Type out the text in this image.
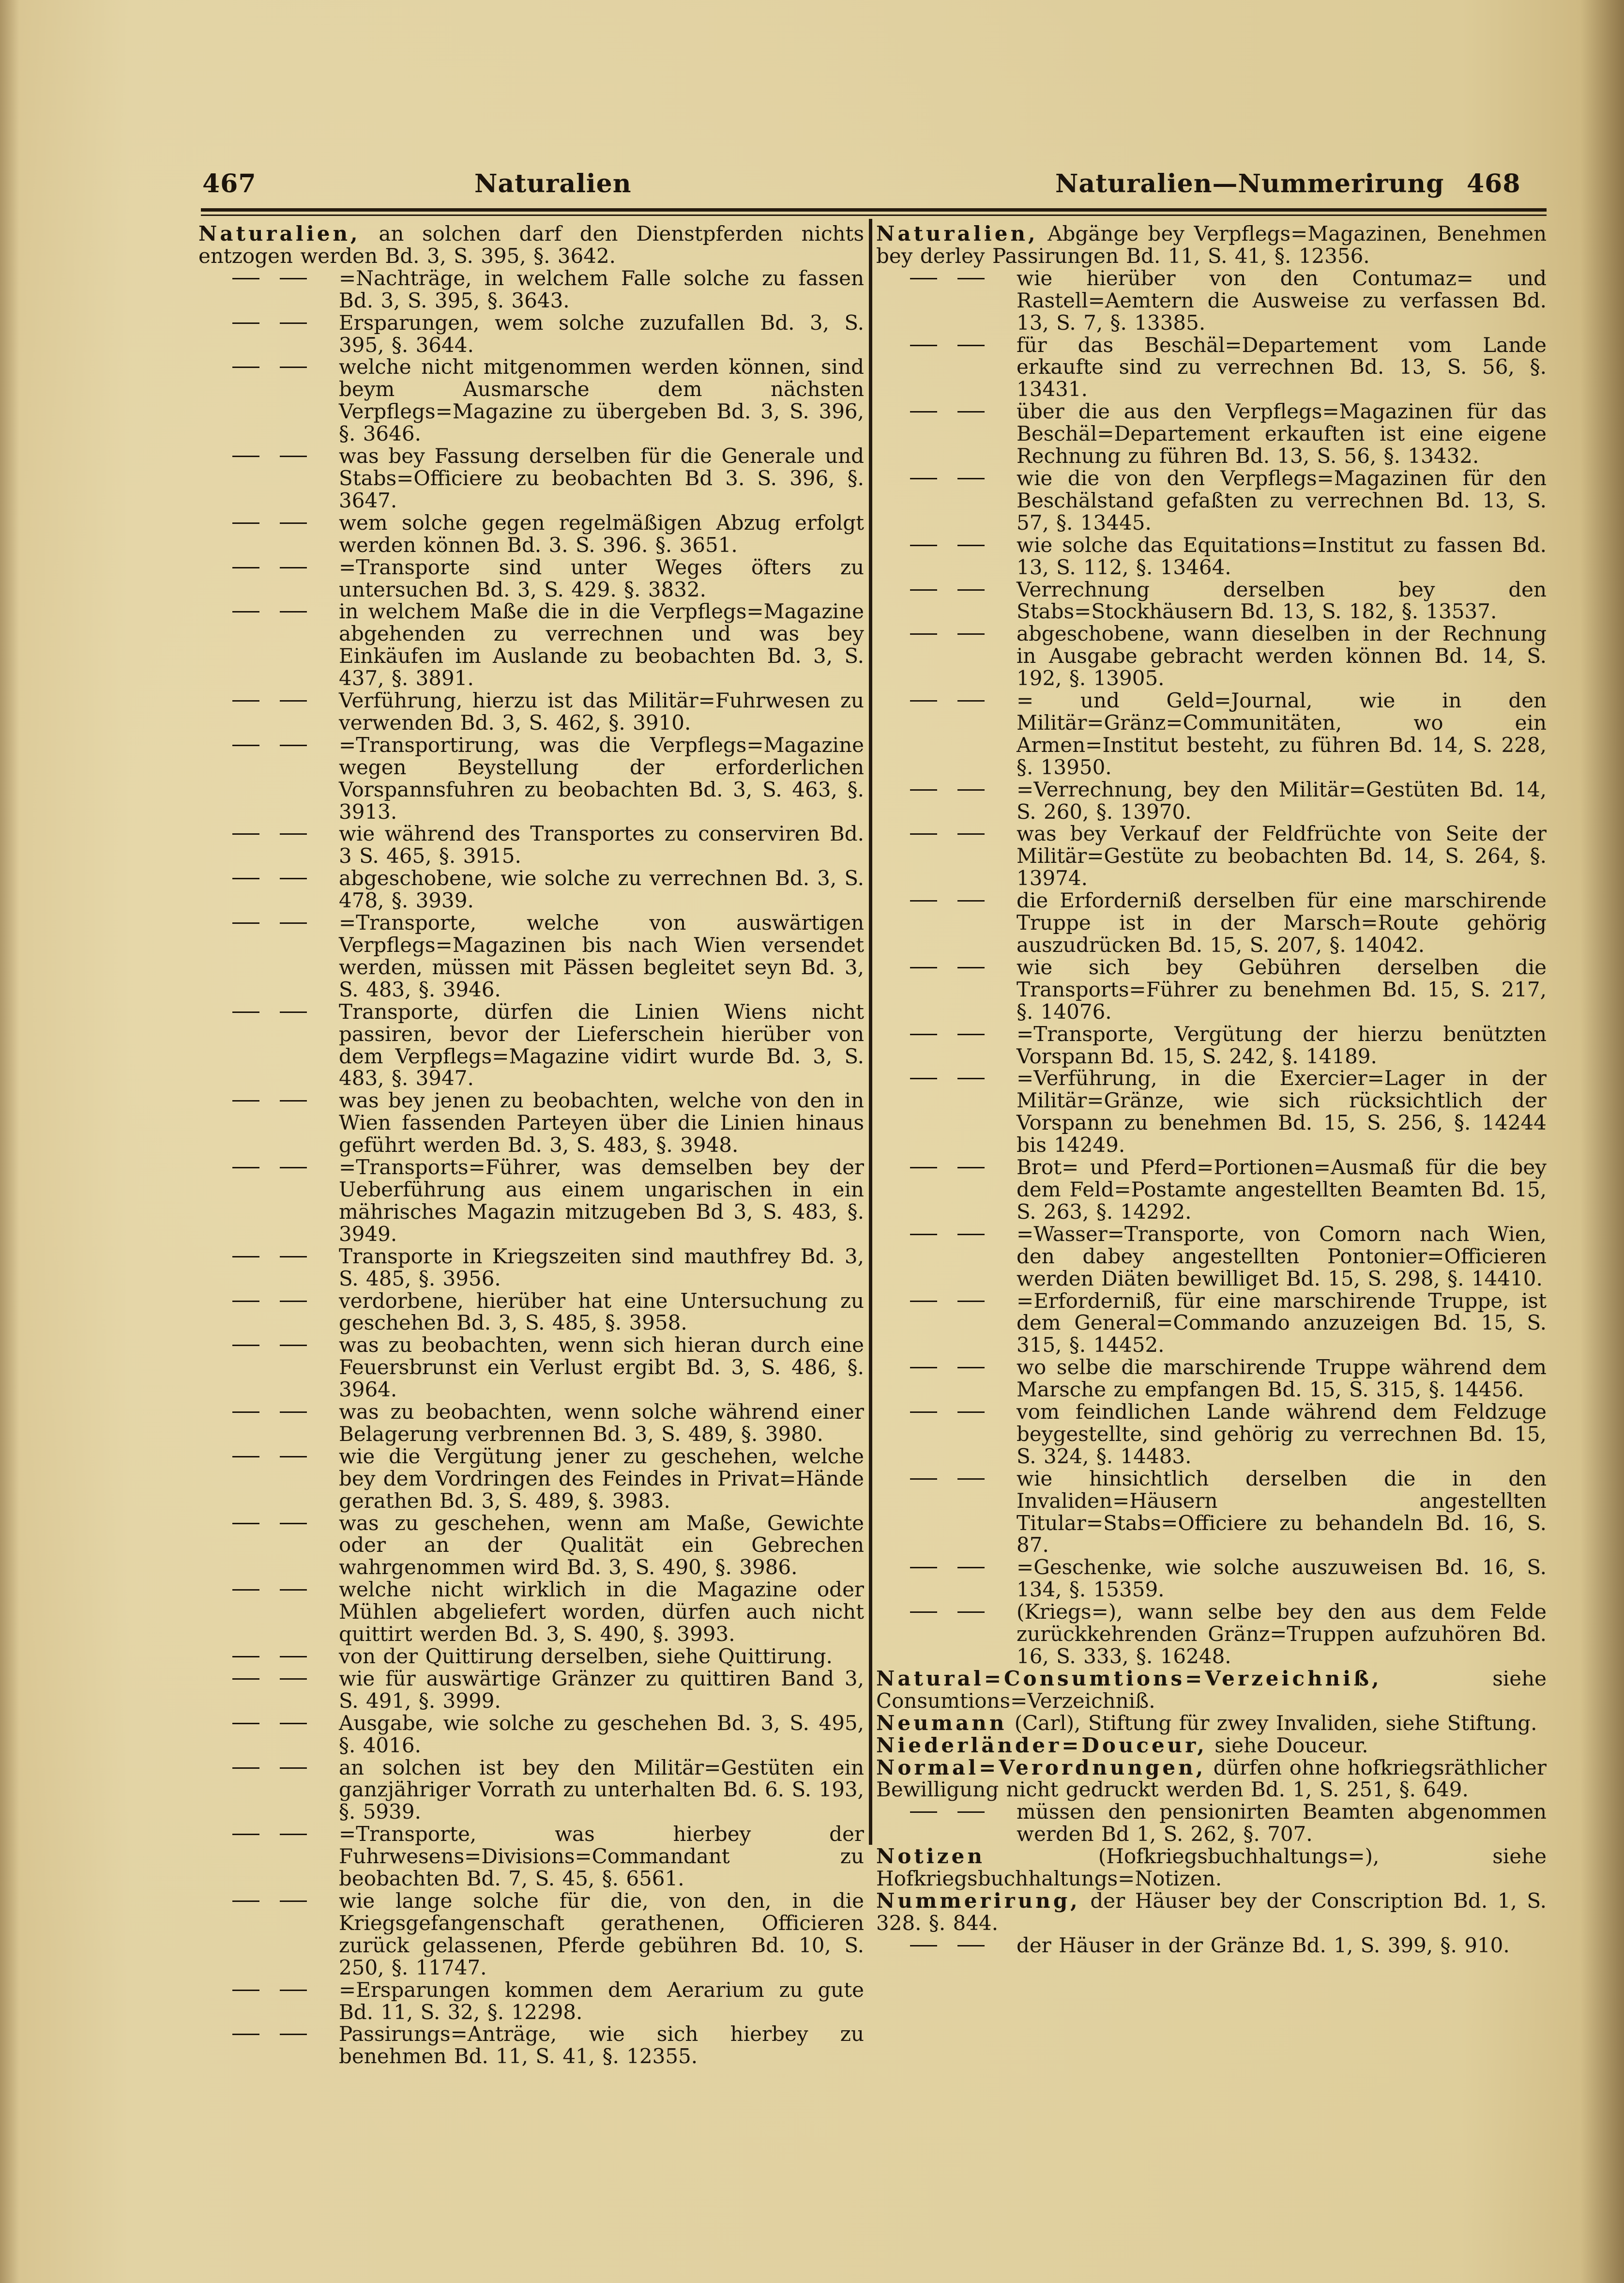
467	Naturalien	Naturalien—Nummerirung 468
Naturalien, an solchen darf den Dienstpferden nichts entzogen werden Bd. 3, S. 395, §. 3642.
=Nachträge, in welchem Falle solche zu fassen Bd. 3, S. 395, §. 3643.
Ersparungen, wem solche zuzufallen Bd. 3, S. 395, §. 3644.
welche nicht mitgenommen werden können, sind beym Ausmarsche dem nächsten Verpflegs=Magazine zu übergeben Bd. 3, S. 396, §. 3646.
was bey Fassung derselben für die Generale und Stabs=Officiere zu beobachten Bd 3. S. 396, §. 3647.
wem solche gegen regelmäßigen Abzug erfolgt werden können Bd. 3. S. 396. §. 3651.
=Transporte sind unter Weges öfters zu untersuchen Bd. 3, S. 429. §. 3832.
in welchem Maße die in die Verpflegs=Magazine abgehenden zu verrechnen und was bey Einkäufen im Auslande zu beobachten Bd. 3, S. 437, §. 3891.
Verführung, hierzu ist das Militär=Fuhrwesen zu verwenden Bd. 3, S. 462, §. 3910.
=Transportirung, was die Verpflegs=Magazine wegen Beystellung der erforderlichen Vorspannsfuhren zu beobachten Bd. 3, S. 463, §. 3913.
wie während des Transportes zu conserviren Bd. 3 S. 465, §. 3915.
abgeschobene, wie solche zu verrechnen Bd. 3, S. 478, §. 3939.
=Transporte, welche von auswärtigen Verpflegs=Magazinen bis nach Wien versendet werden, müssen mit Pässen begleitet seyn Bd. 3, S. 483, §. 3946.
Transporte, dürfen die Linien Wiens nicht passiren, bevor der Lieferschein hierüber von dem Verpflegs=Magazine vidirt wurde Bd. 3, S. 483, §. 3947.
was bey jenen zu beobachten, welche von den in Wien fassenden Parteyen über die Linien hinaus geführt werden Bd. 3, S. 483, §. 3948.
=Transports=Führer, was demselben bey der Ueberführung aus einem ungarischen in ein mährisches Magazin mitzugeben Bd 3, S. 483, §. 3949.
Transporte in Kriegszeiten sind mauthfrey Bd. 3, S. 485, §. 3956.
verdorbene, hierüber hat eine Untersuchung zu geschehen Bd. 3, S. 485, §. 3958.
was zu beobachten, wenn sich hieran durch eine Feuersbrunst ein Verlust ergibt Bd. 3, S. 486, §. 3964.
was zu beobachten, wenn solche während einer Belagerung verbrennen Bd. 3, S. 489, §. 3980.
wie die Vergütung jener zu geschehen, welche bey dem Vordringen des Feindes in Privat=Hände gerathen Bd. 3, S. 489, §. 3983.
was zu geschehen, wenn am Maße, Gewichte oder an der Qualität ein Gebrechen wahrgenommen wird Bd. 3, S. 490, §. 3986.
welche nicht wirklich in die Magazine oder Mühlen abgeliefert worden, dürfen auch nicht quittirt werden Bd. 3, S. 490, §. 3993.
von der Quittirung derselben, siehe Quittirung.
wie für auswärtige Gränzer zu quittiren Band 3, S. 491, §. 3999.
Ausgabe, wie solche zu geschehen Bd. 3, S. 495, §. 4016.
an solchen ist bey den Militär=Gestüten ein ganzjähriger Vorrath zu unterhalten Bd. 6. S. 193, §. 5939.
=Transporte, was hierbey der Fuhrwesens=Divisions=Commandant zu beobachten Bd. 7, S. 45, §. 6561.
wie lange solche für die, von den, in die Kriegsgefangenschaft gerathenen, Officieren zurück gelassenen, Pferde gebühren Bd. 10, S. 250, §. 11747.
=Ersparungen kommen dem Aerarium zu gute Bd. 11, S. 32, §. 12298.
Passirungs=Anträge, wie sich hierbey zu benehmen Bd. 11, S. 41, §. 12355.
Naturalien, Abgänge bey Verpflegs=Magazinen, Benehmen bey derley Passirungen Bd. 11, S. 41, §. 12356.
wie hierüber von den Contumaz= und Rastell=Aemtern die Ausweise zu verfassen Bd. 13, S. 7, §. 13385.
für das Beschäl=Departement vom Lande erkaufte sind zu verrechnen Bd. 13, S. 56, §. 13431.
über die aus den Verpflegs=Magazinen für das Beschäl=Departement erkauften ist eine eigene Rechnung zu führen Bd. 13, S. 56, §. 13432.
wie die von den Verpflegs=Magazinen für den Beschälstand gefaßten zu verrechnen Bd. 13, S. 57, §. 13445.
wie solche das Equitations=Institut zu fassen Bd. 13, S. 112, §. 13464.
Verrechnung derselben bey den Stabs=Stockhäusern Bd. 13, S. 182, §. 13537.
abgeschobene, wann dieselben in der Rechnung in Ausgabe gebracht werden können Bd. 14, S. 192, §. 13905.
= und Geld=Journal, wie in den Militär=Gränz=Communitäten, wo ein Armen=Institut besteht, zu führen Bd. 14, S. 228, §. 13950.
=Verrechnung, bey den Militär=Gestüten Bd. 14, S. 260, §. 13970.
was bey Verkauf der Feldfrüchte von Seite der Militär=Gestüte zu beobachten Bd. 14, S. 264, §. 13974.
die Erforderniß derselben für eine marschirende Truppe ist in der Marsch=Route gehörig auszudrücken Bd. 15, S. 207, §. 14042.
wie sich bey Gebühren derselben die Transports=Führer zu benehmen Bd. 15, S. 217, §. 14076.
=Transporte, Vergütung der hierzu benützten Vorspann Bd. 15, S. 242, §. 14189.
=Verführung, in die Exercier=Lager in der Militär=Gränze, wie sich rücksichtlich der Vorspann zu benehmen Bd. 15, S. 256, §. 14244 bis 14249.
Brot= und Pferd=Portionen=Ausmaß für die bey dem Feld=Postamte angestellten Beamten Bd. 15, S. 263, §. 14292.
=Wasser=Transporte, von Comorn nach Wien, den dabey angestellten Pontonier=Officieren werden Diäten bewilliget Bd. 15, S. 298, §. 14410.
=Erforderniß, für eine marschirende Truppe, ist dem General=Commando anzuzeigen Bd. 15, S. 315, §. 14452.
wo selbe die marschirende Truppe während dem Marsche zu empfangen Bd. 15, S. 315, §. 14456.
vom feindlichen Lande während dem Feldzuge beygestellte, sind gehörig zu verrechnen Bd. 15, S. 324, §. 14483.
wie hinsichtlich derselben die in den Invaliden=Häusern angestellten Titular=Stabs=Officiere zu behandeln Bd. 16, S. 87.
=Geschenke, wie solche auszuweisen Bd. 16, S. 134, §. 15359.
(Kriegs=), wann selbe bey den aus dem Felde zurückkehrenden Gränz=Truppen aufzuhören Bd. 16, S. 333, §. 16248.
Natural=Consumtions=Verzeichniß, siehe Consumtions=Verzeichniß.
Neumann (Carl), Stiftung für zwey Invaliden, siehe Stiftung.
Niederländer=Douceur, siehe Douceur.
Normal=Verordnungen, dürfen ohne hofkriegsräthlicher Bewilligung nicht gedruckt werden Bd. 1, S. 251, §. 649.
müssen den pensionirten Beamten abgenommen werden Bd 1, S. 262, §. 707.
Notizen (Hofkriegsbuchhaltungs=), siehe Hofkriegsbuchhaltungs=Notizen.
Nummerirung, der Häuser bey der Conscription Bd. 1, S. 328. §. 844.
der Häuser in der Gränze Bd. 1, S. 399, §. 910.
